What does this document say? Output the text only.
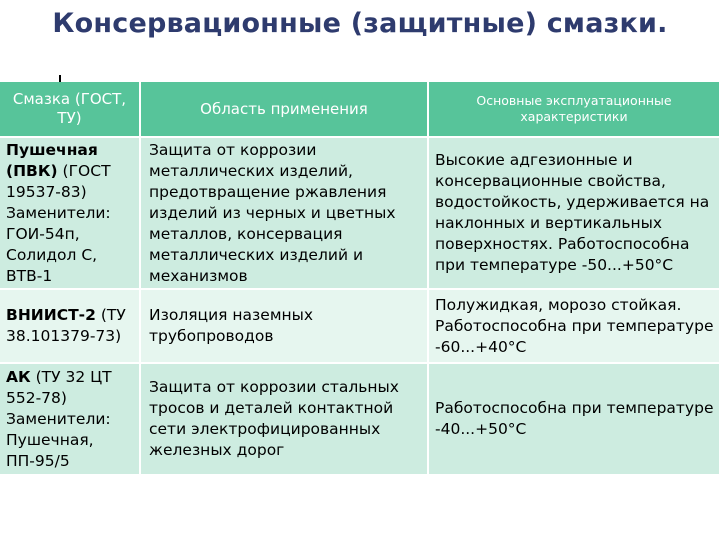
Консервационные (защитные) смазки.
Смазка (ГОСТ, ТУ)	Область применения	Основные эксплуатационные характеристики
Пушечная (ПВК) (ГОСТ 19537-83) Заменители: ГОИ-54п, Солидол С, ВТВ-1	Защита от коррозии металлических изделий, предотвращение ржавления изделий из черных и цветных металлов, консервация металлических изделий и механизмов	Высокие адгезионные и консервационные свойства, водостойкость, удерживается на наклонных и вертикальных поверхностях. Работоспособна при температуре -50...+50°С
ВНИИСТ-2 (ТУ 38.101379-73)	Изоляция наземных трубопроводов	Полужидкая, морозо стойкая. Работоспособна при температуре -60...+40°С
АК (ТУ 32 ЦТ 552-78) Заменители: Пушечная, ПП-95/5	Защита от коррозии стальных тросов и деталей контактной сети электрофицированных железных дорог	Работоспособна при температуре -40...+50°С
